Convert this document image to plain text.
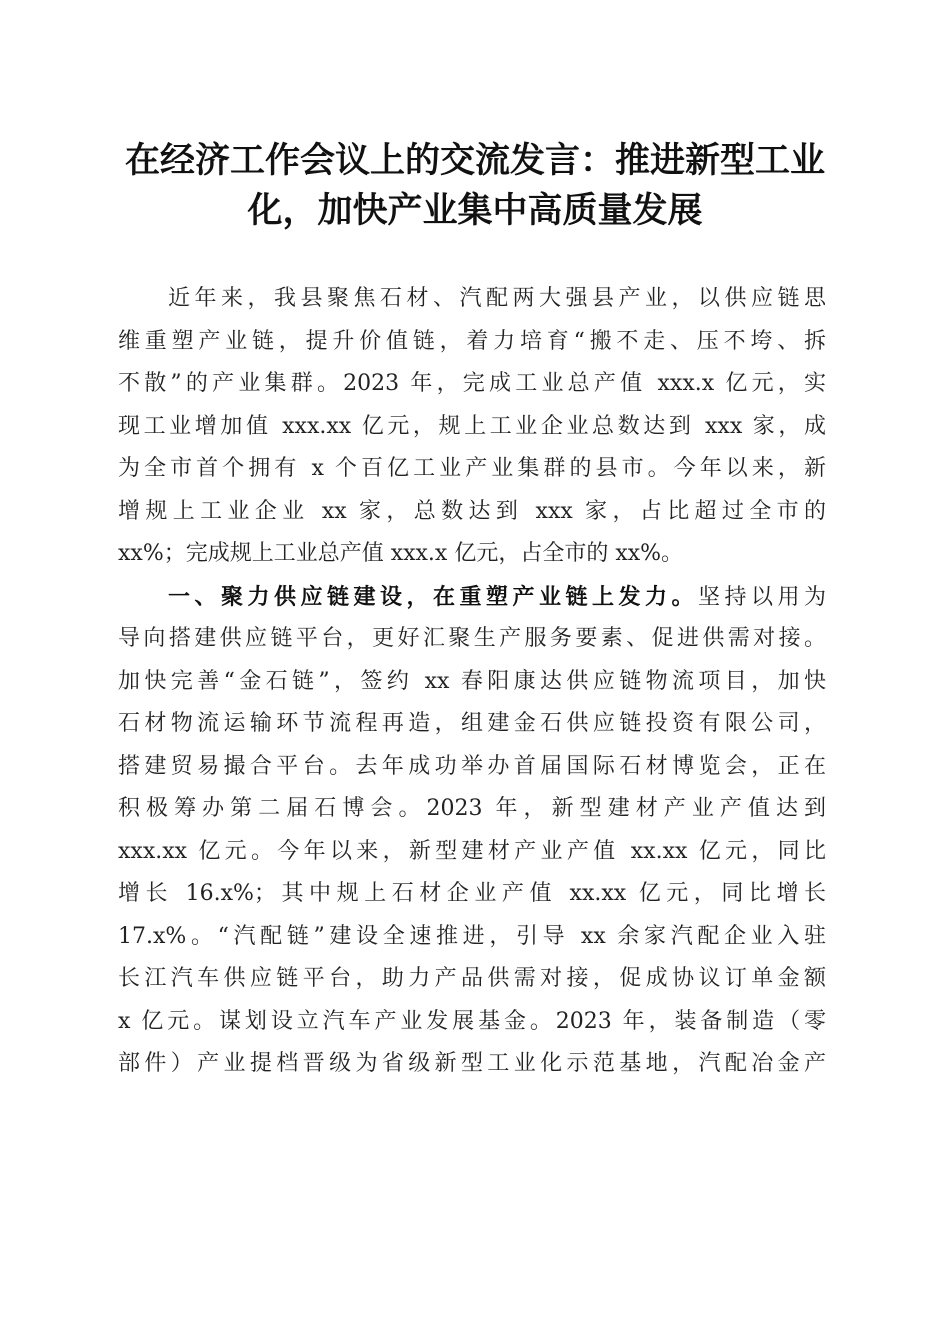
在经济工作会议上的交流发言：推进新型工业
化，加快产业集中高质量发展
近年来，我县聚焦石材、汽配两大强县产业，以供应链思
维重塑产业链，提升价值链，着力培育“搬不走、压不垮、拆
不散”的产业集群。2023 年，完成工业总产值 xxx.x 亿元，实
现工业增加值 xxx.xx 亿元，规上工业企业总数达到 xxx 家，成
为全市首个拥有 x 个百亿工业产业集群的县市。今年以来，新
增规上工业企业 xx 家，总数达到 xxx 家，占比超过全市的
xx%；完成规上工业总产值 xxx.x 亿元，占全市的 xx%。
一、聚力供应链建设，在重塑产业链上发力。坚持以用为
导向搭建供应链平台，更好汇聚生产服务要素、促进供需对接。
加快完善“金石链”，签约 xx 春阳康达供应链物流项目，加快
石材物流运输环节流程再造，组建金石供应链投资有限公司，
搭建贸易撮合平台。去年成功举办首届国际石材博览会，正在
积极筹办第二届石博会。2023 年，新型建材产业产值达到
xxx.xx 亿元。今年以来，新型建材产业产值 xx.xx 亿元，同比
增长 16.x%；其中规上石材企业产值 xx.xx 亿元，同比增长
17.x%。“汽配链”建设全速推进，引导 xx 余家汽配企业入驻
长江汽车供应链平台，助力产品供需对接，促成协议订单金额
x 亿元。谋划设立汽车产业发展基金。2023 年，装备制造（零
部件）产业提档晋级为省级新型工业化示范基地，汽配冶金产
